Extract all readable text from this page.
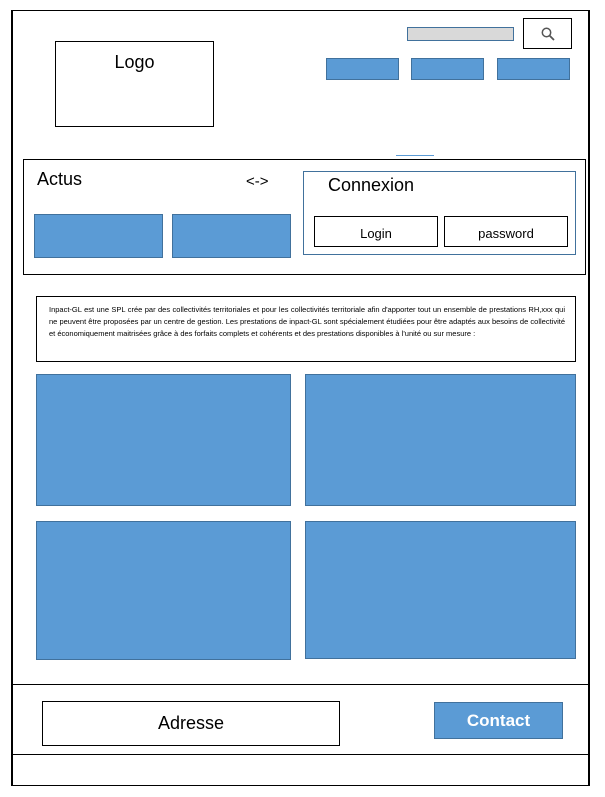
Logo
Actus	<->	Connexion
Login	password
Inpact-GL est une SPL crée par des collectivités territoriales et pour les collectivités territoriale afin d'apporter tout un ensemble de prestations RH,xxx qui ne peuvent être proposées par un centre de gestion. Les prestations de inpact-GL sont spécialement étudiées pour être adaptés aux besoins de collectivité et économiquement maitrisées grâce à des forfaits complets et cohérents et des prestations disponibles à l'unité ou sur mesure :
Adresse	Contact
